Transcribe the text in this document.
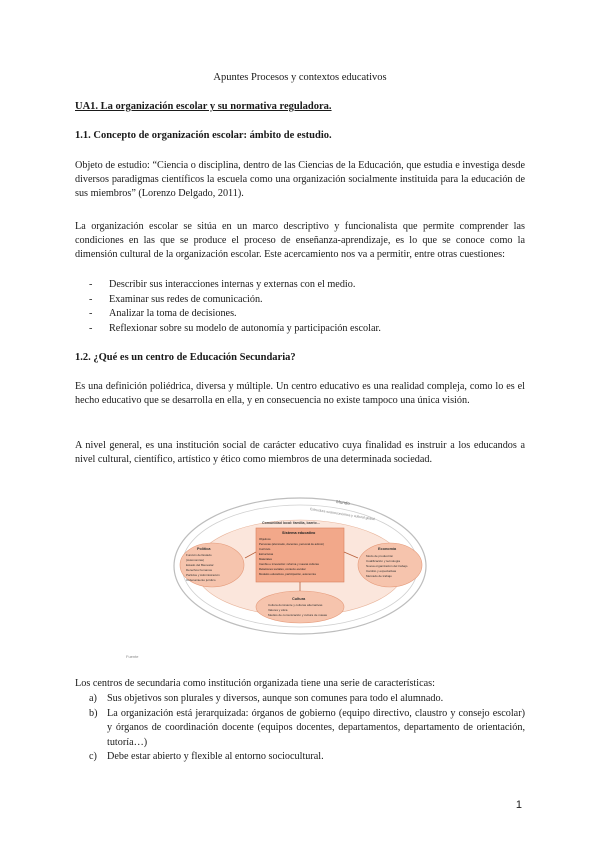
Apuntes Procesos y contextos educativos
UA1. La organización escolar y su normativa reguladora.
1.1. Concepto de organización escolar: ámbito de estudio.
Objeto de estudio: “Ciencia o disciplina, dentro de las Ciencias de la Educación, que estudia e investiga desde diversos paradigmas científicos la escuela como una organización socialmente instituida para la educación de sus miembros” (Lorenzo Delgado, 2011).
La organización escolar se sitúa en un marco descriptivo y funcionalista que permite comprender las condiciones en las que se produce el proceso de enseñanza-aprendizaje, es lo que se conoce como la dimensión cultural de la organización escolar. Este acercamiento nos va a permitir, entre otras cuestiones:
- Describir sus interacciones internas y externas con el medio.
- Examinar sus redes de comunicación.
- Analizar la toma de decisiones.
- Reflexionar sobre su modelo de autonomía y participación escolar.
1.2. ¿Qué es un centro de Educación Secundaria?
Es una definición poliédrica, diversa y múltiple. Un centro educativo es una realidad compleja, como lo es el hecho educativo que se desarrolla en ella, y en consecuencia no existe tampoco una única visión.
A nivel general, es una institución social de carácter educativo cuya finalidad es instruir a los educandos a nivel cultural, científico, artístico y ético como miembros de una determinada sociedad.
Mundo
Estructura socioeconómica y cultural global
Comunidad local: familia, barrio…
Política
Función del Estado
(Autonomías)
Estado del Bienestar
Derechos humanos
Partidos y Administración
Ordenamiento jurídico
Economía
Modo de producción
Cualificación y tecnología
Nueva organización del trabajo
Cambio y expectativas
Mercado de trabajo
Cultura
Cultura dominante y culturas alternativas
Valores y ética
Medios de comunicación y cultura de masas
Sistema educativo
Objetivos
Personas (alumnado, docentes, personal de admón)
Currículo
Estructuras
Materiales
Cambio e innovación: reforma y nuevas culturas
Relaciones sociales, contexto escolar
Modelos educativos, participación, autonomía
Fuente
Los centros de secundaria como institución organizada tiene una serie de características:
a) Sus objetivos son plurales y diversos, aunque son comunes para todo el alumnado.
b) La organización está jerarquizada: órganos de gobierno (equipo directivo, claustro y consejo escolar) y órganos de coordinación docente (equipos docentes, departamentos, departamento de orientación, tutoría…)
c) Debe estar abierto y flexible al entorno sociocultural.
1
